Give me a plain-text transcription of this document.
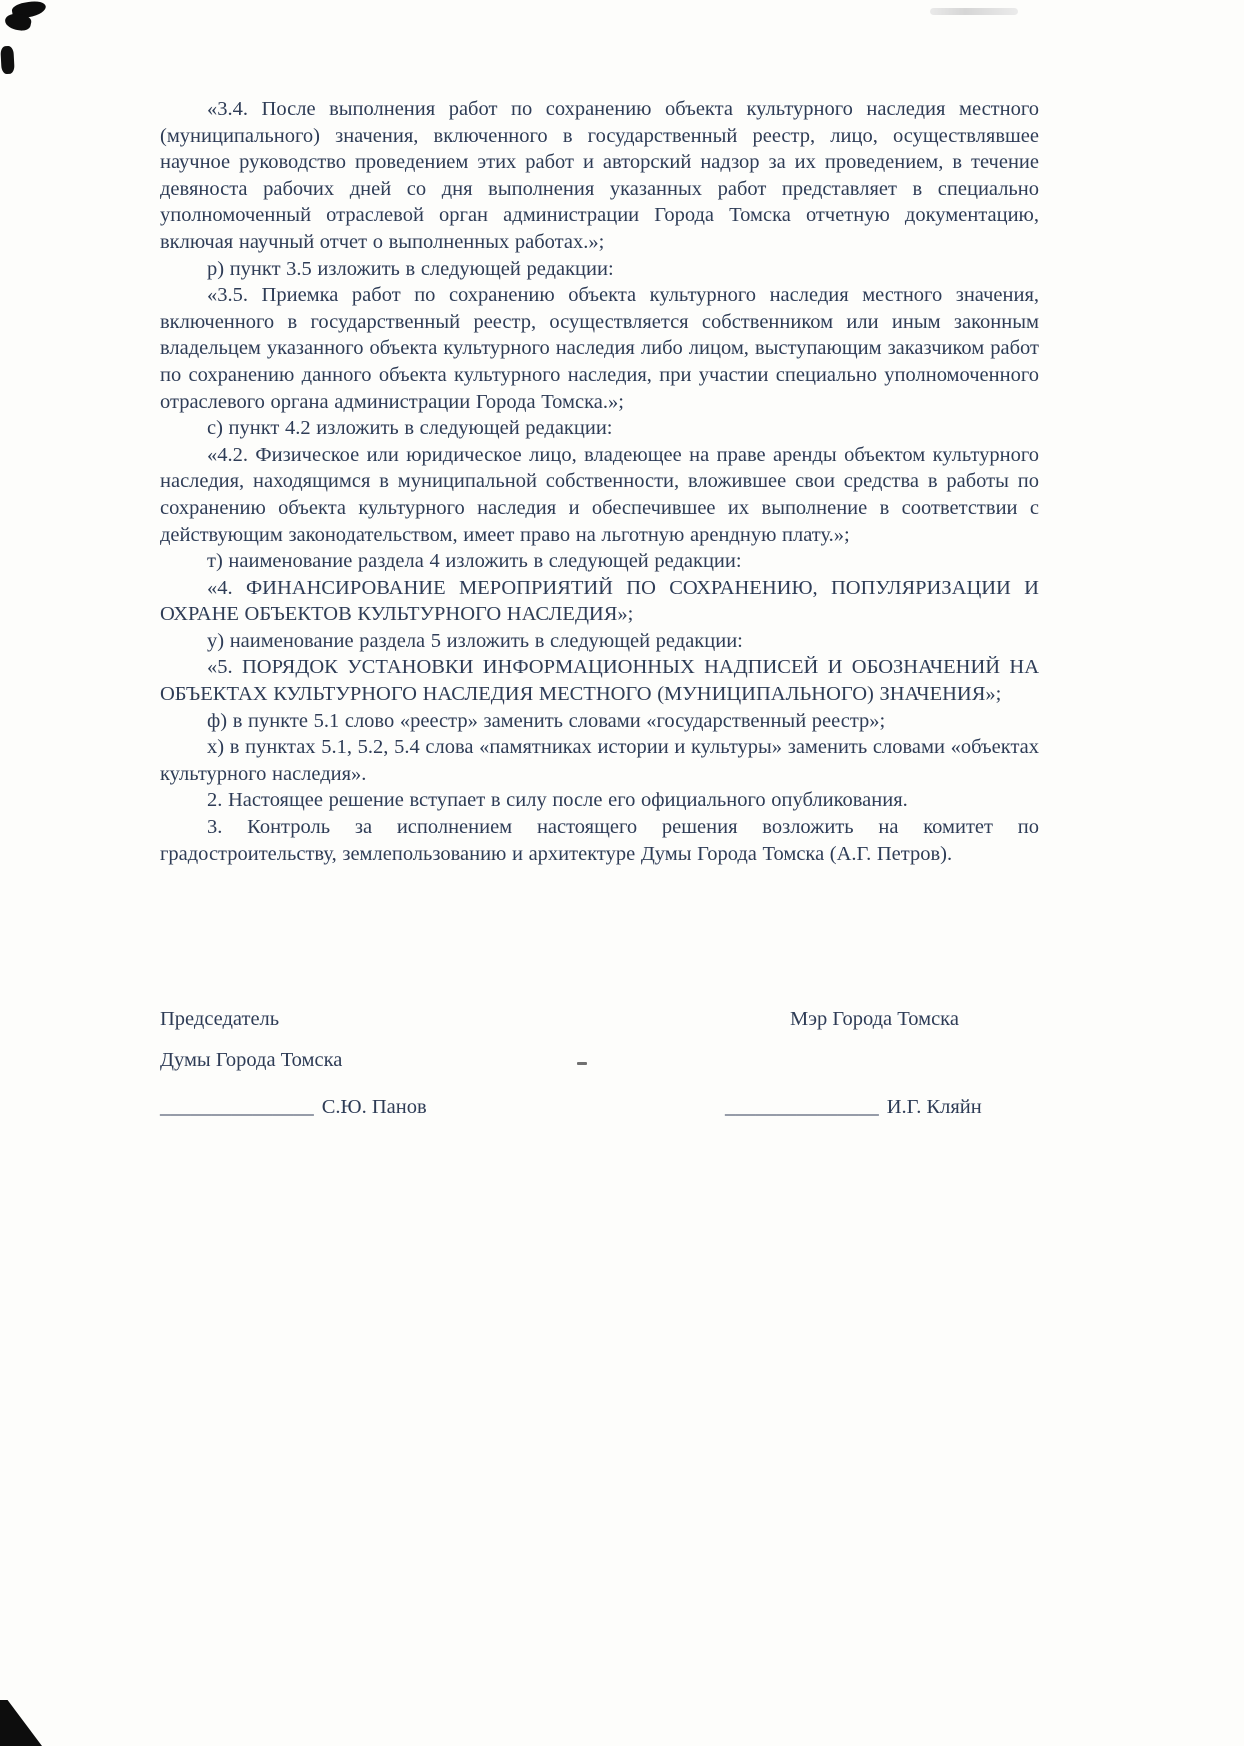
«3.4. После выполнения работ по сохранению объекта культурного наследия местного (муниципального) значения, включенного в государственный реестр, лицо, осуществлявшее научное руководство проведением этих работ и авторский надзор за их проведением, в течение девяноста рабочих дней со дня выполнения указанных работ представляет в специально уполномоченный отраслевой орган администрации Города Томска отчетную документацию, включая научный отчет о выполненных работах.»;

р) пункт 3.5 изложить в следующей редакции:

«3.5. Приемка работ по сохранению объекта культурного наследия местного значения, включенного в государственный реестр, осуществляется собственником или иным законным владельцем указанного объекта культурного наследия либо лицом, выступающим заказчиком работ по сохранению данного объекта культурного наследия, при участии специально уполномоченного отраслевого органа администрации Города Томска.»;

с) пункт 4.2 изложить в следующей редакции:

«4.2. Физическое или юридическое лицо, владеющее на праве аренды объектом культурного наследия, находящимся в муниципальной собственности, вложившее свои средства в работы по сохранению объекта культурного наследия и обеспечившее их выполнение в соответствии с действующим законодательством, имеет право на льготную арендную плату.»;

т) наименование раздела 4 изложить в следующей редакции:

«4. ФИНАНСИРОВАНИЕ МЕРОПРИЯТИЙ ПО СОХРАНЕНИЮ, ПОПУЛЯРИЗАЦИИ И ОХРАНЕ ОБЪЕКТОВ КУЛЬТУРНОГО НАСЛЕДИЯ»;

у) наименование раздела 5 изложить в следующей редакции:

«5. ПОРЯДОК УСТАНОВКИ ИНФОРМАЦИОННЫХ НАДПИСЕЙ И ОБОЗНАЧЕНИЙ НА ОБЪЕКТАХ КУЛЬТУРНОГО НАСЛЕДИЯ МЕСТНОГО (МУНИЦИПАЛЬНОГО) ЗНАЧЕНИЯ»;

ф) в пункте 5.1 слово «реестр» заменить словами «государственный реестр»;

х) в пунктах 5.1, 5.2, 5.4 слова «памятниках истории и культуры» заменить словами «объектах культурного наследия».

2. Настоящее решение вступает в силу после его официального опубликования.

3. Контроль за исполнением настоящего решения возложить на комитет по градостроительству, землепользованию и архитектуре Думы Города Томска (А.Г. Петров).

Председатель	Мэр Города Томска
Думы Города Томска
_______________ С.Ю. Панов	_______________ И.Г. Кляйн
